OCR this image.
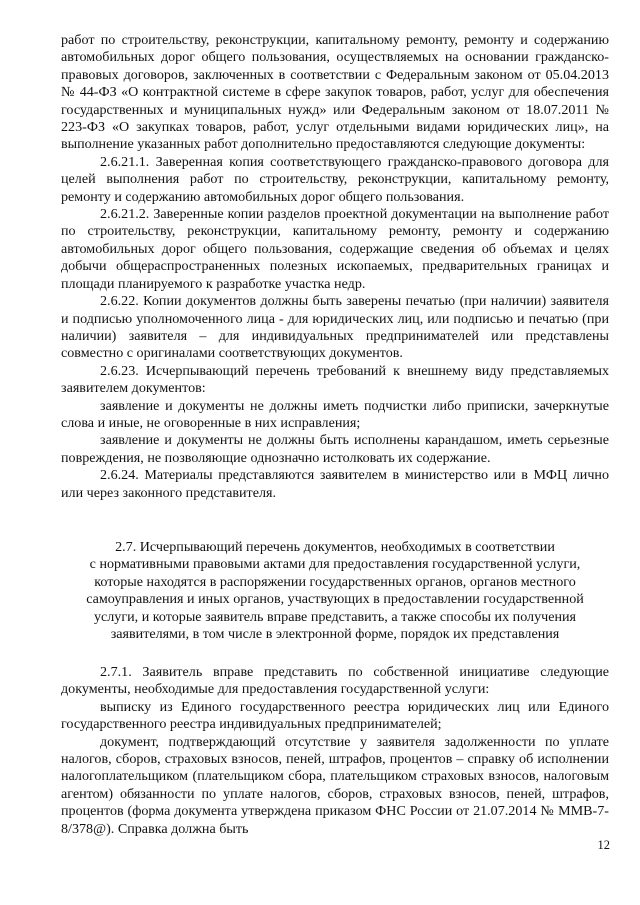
работ по строительству, реконструкции, капитальному ремонту, ремонту и содержанию автомобильных дорог общего пользования, осуществляемых на основании гражданско-правовых договоров, заключенных в соответствии с Федеральным законом от 05.04.2013 № 44-ФЗ «О контрактной системе в сфере закупок товаров, работ, услуг для обеспечения государственных и муниципальных нужд» или Федеральным законом от 18.07.2011 № 223-ФЗ «О закупках товаров, работ, услуг отдельными видами юридических лиц», на выполнение указанных работ дополнительно предоставляются следующие документы:

2.6.21.1. Заверенная копия соответствующего гражданско-правового договора для целей выполнения работ по строительству, реконструкции, капитальному ремонту, ремонту и содержанию автомобильных дорог общего пользования.

2.6.21.2. Заверенные копии разделов проектной документации на выполнение работ по строительству, реконструкции, капитальному ремонту, ремонту и содержанию автомобильных дорог общего пользования, содержащие сведения об объемах и целях добычи общераспространенных полезных ископаемых, предварительных границах и площади планируемого к разработке участка недр.

2.6.22. Копии документов должны быть заверены печатью (при наличии) заявителя и подписью уполномоченного лица - для юридических лиц, или подписью и печатью (при наличии) заявителя – для индивидуальных предпринимателей или представлены совместно с оригиналами соответствующих документов.

2.6.23. Исчерпывающий перечень требований к внешнему виду представляемых заявителем документов:

заявление и документы не должны иметь подчистки либо приписки, зачеркнутые слова и иные, не оговоренные в них исправления;

заявление и документы не должны быть исполнены карандашом, иметь серьезные повреждения, не позволяющие однозначно истолковать их содержание.

2.6.24. Материалы представляются заявителем в министерство или в МФЦ лично или через законного представителя.

2.7. Исчерпывающий перечень документов, необходимых в соответствии

с нормативными правовыми актами для предоставления государственной услуги,

которые находятся в распоряжении государственных органов, органов местного

самоуправления и иных органов, участвующих в предоставлении государственной

услуги, и которые заявитель вправе представить, а также способы их получения

заявителями, в том числе в электронной форме, порядок их представления

2.7.1. Заявитель вправе представить по собственной инициативе следующие документы, необходимые для предоставления государственной услуги:

выписку из Единого государственного реестра юридических лиц или Единого государственного реестра индивидуальных предпринимателей;

документ, подтверждающий отсутствие у заявителя задолженности по уплате налогов, сборов, страховых взносов, пеней, штрафов, процентов – справку об исполнении налогоплательщиком (плательщиком сбора, плательщиком страховых взносов, налоговым агентом) обязанности по уплате налогов, сборов, страховых взносов, пеней, штрафов, процентов (форма документа утверждена приказом ФНС России от 21.07.2014 № ММВ-7-8/378@). Справка должна быть

12
